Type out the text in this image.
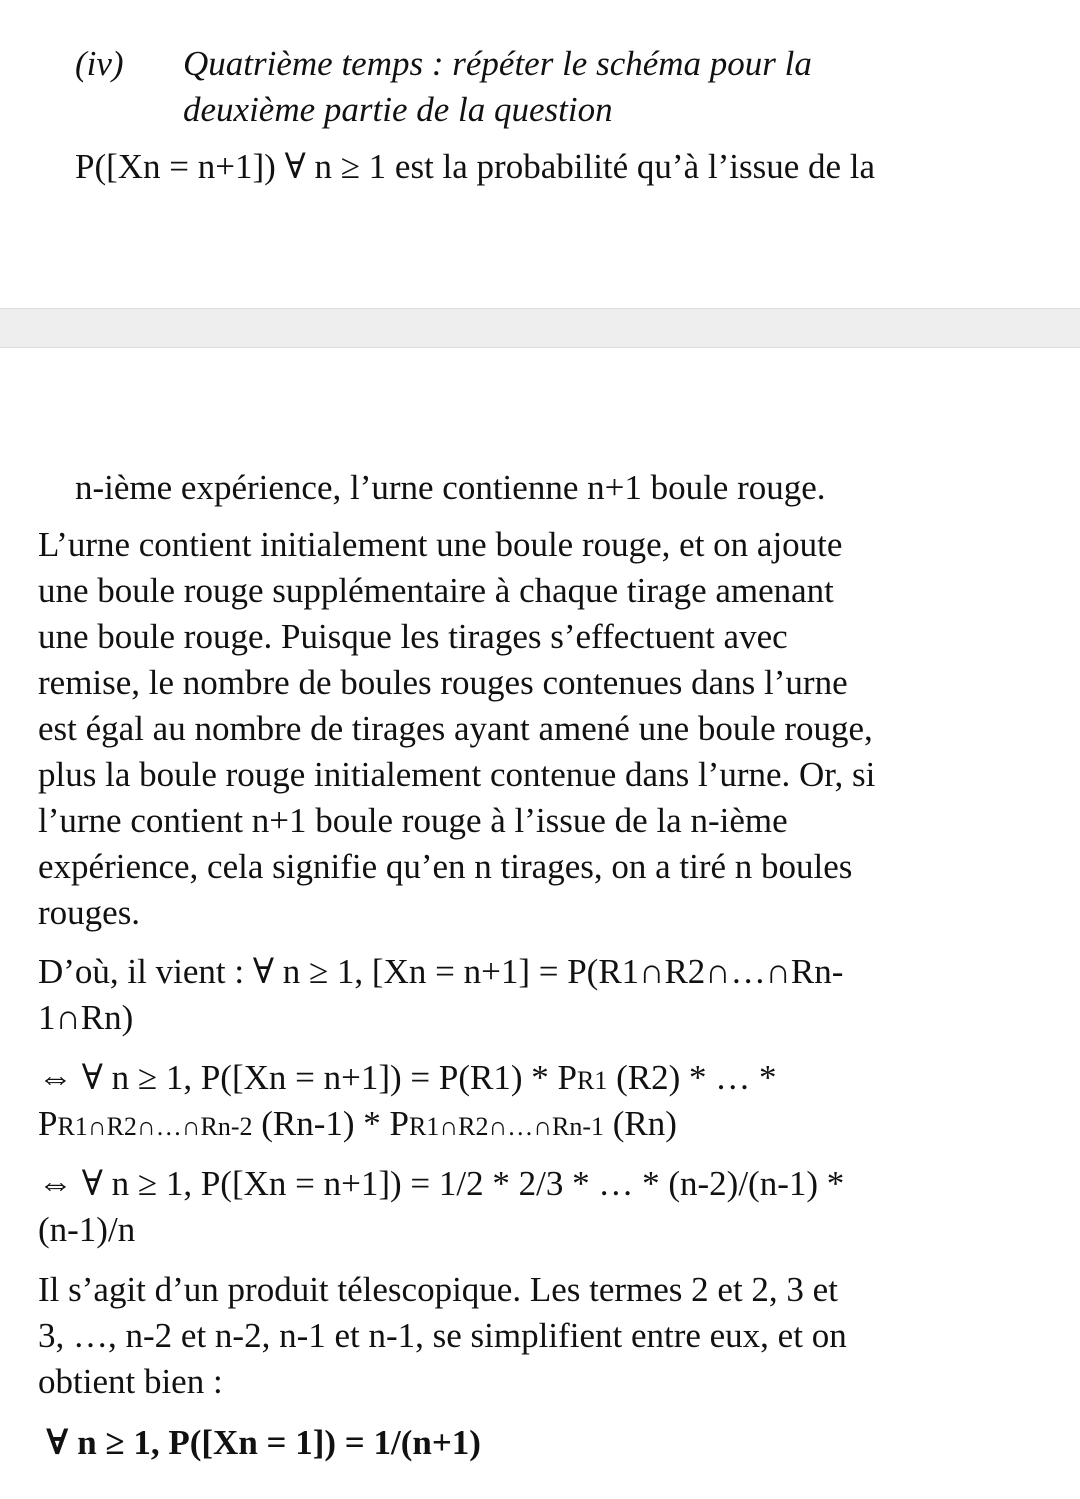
(iv) Quatrième temps : répéter le schéma pour la
deuxième partie de la question
P([Xn = n+1]) ∀ n ≥ 1 est la probabilité qu’à l’issue de la
n-ième expérience, l’urne contienne n+1 boule rouge.
L’urne contient initialement une boule rouge, et on ajoute
une boule rouge supplémentaire à chaque tirage amenant
une boule rouge. Puisque les tirages s’effectuent avec
remise, le nombre de boules rouges contenues dans l’urne
est égal au nombre de tirages ayant amené une boule rouge,
plus la boule rouge initialement contenue dans l’urne. Or, si
l’urne contient n+1 boule rouge à l’issue de la n-ième
expérience, cela signifie qu’en n tirages, on a tiré n boules
rouges.
D’où, il vient : ∀ n ≥ 1, [Xn = n+1] = P(R1∩R2∩…∩Rn-
1∩Rn)
⇔ ∀ n ≥ 1, P([Xn = n+1]) = P(R1) * PR1 (R2) * … *
PR1∩R2∩…∩Rn-2 (Rn-1) * PR1∩R2∩…∩Rn-1 (Rn)
⇔ ∀ n ≥ 1, P([Xn = n+1]) = 1/2 * 2/3 * … * (n-2)/(n-1) *
(n-1)/n
Il s’agit d’un produit télescopique. Les termes 2 et 2, 3 et
3, …, n-2 et n-2, n-1 et n-1, se simplifient entre eux, et on
obtient bien :
∀ n ≥ 1, P([Xn = 1]) = 1/(n+1)
